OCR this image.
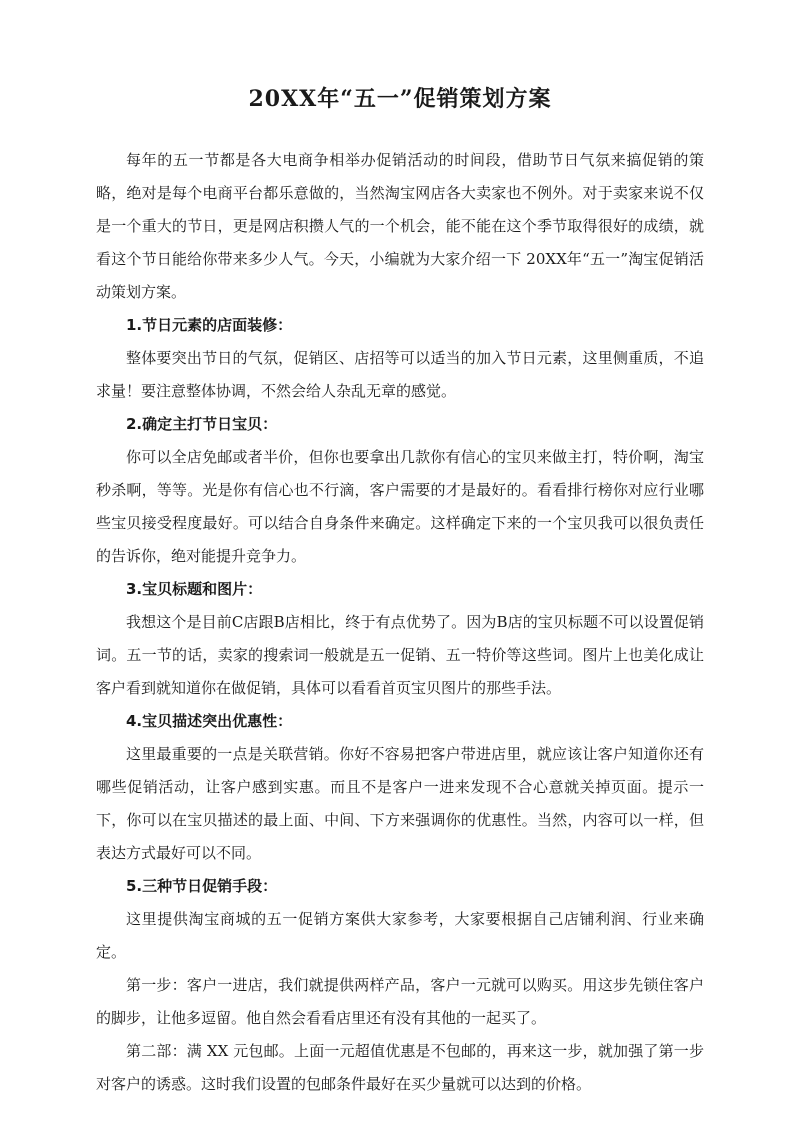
20XX年“五一”促销策划方案

每年的五一节都是各大电商争相举办促销活动的时间段，借助节日气氛来搞促销的策略，绝对是每个电商平台都乐意做的，当然淘宝网店各大卖家也不例外。对于卖家来说不仅是一个重大的节日，更是网店积攒人气的一个机会，能不能在这个季节取得很好的成绩，就看这个节日能给你带来多少人气。今天，小编就为大家介绍一下 20XX年“五一”淘宝促销活动策划方案。

1.节日元素的店面装修：

整体要突出节日的气氛，促销区、店招等可以适当的加入节日元素，这里侧重质，不追求量！要注意整体协调，不然会给人杂乱无章的感觉。

2.确定主打节日宝贝：

你可以全店免邮或者半价，但你也要拿出几款你有信心的宝贝来做主打，特价啊，淘宝秒杀啊，等等。光是你有信心也不行滴，客户需要的才是最好的。看看排行榜你对应行业哪些宝贝接受程度最好。可以结合自身条件来确定。这样确定下来的一个宝贝我可以很负责任的告诉你，绝对能提升竞争力。

3.宝贝标题和图片：

我想这个是目前C店跟B店相比，终于有点优势了。因为B店的宝贝标题不可以设置促销词。五一节的话，卖家的搜索词一般就是五一促销、五一特价等这些词。图片上也美化成让客户看到就知道你在做促销，具体可以看看首页宝贝图片的那些手法。

4.宝贝描述突出优惠性：

这里最重要的一点是关联营销。你好不容易把客户带进店里，就应该让客户知道你还有哪些促销活动，让客户感到实惠。而且不是客户一进来发现不合心意就关掉页面。提示一下，你可以在宝贝描述的最上面、中间、下方来强调你的优惠性。当然，内容可以一样，但表达方式最好可以不同。

5.三种节日促销手段：

这里提供淘宝商城的五一促销方案供大家参考，大家要根据自己店铺利润、行业来确定。

第一步：客户一进店，我们就提供两样产品，客户一元就可以购买。用这步先锁住客户的脚步，让他多逗留。他自然会看看店里还有没有其他的一起买了。

第二部：满 XX 元包邮。上面一元超值优惠是不包邮的，再来这一步，就加强了第一步对客户的诱惑。这时我们设置的包邮条件最好在买少量就可以达到的价格。
